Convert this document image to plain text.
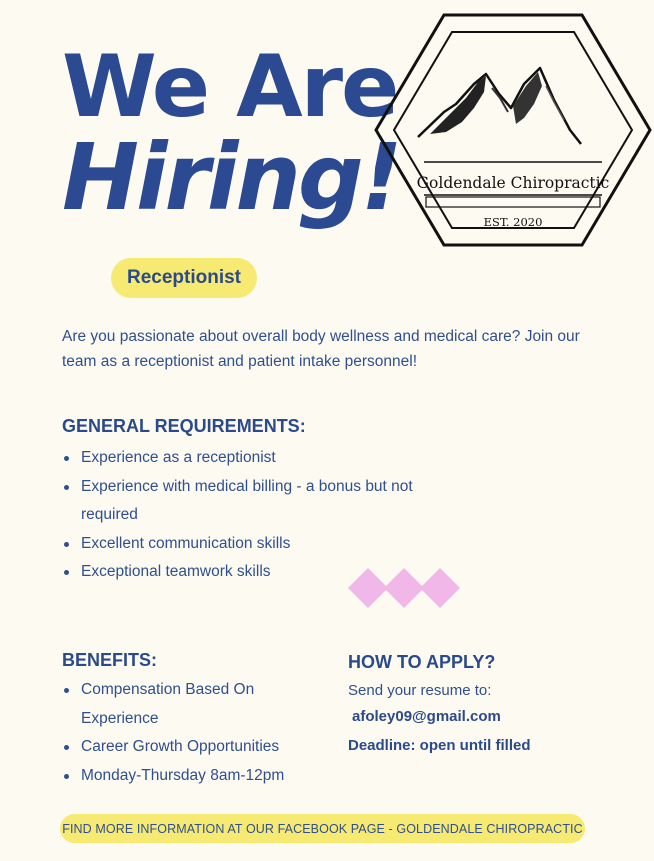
We Are
Hiring! Goldendale Chiropractic
EST. 2020
Receptionist

Are you passionate about overall body wellness and medical care? Join our team as a receptionist and patient intake personnel!

GENERAL REQUIREMENTS:
Experience as a receptionist
Experience with medical billing - a bonus but not required
Excellent communication skills
Exceptional teamwork skills
BENEFITS:
Compensation Based On Experience
Career Growth Opportunities
Monday-Thursday 8am-12pm
HOW TO APPLY?
Send your resume to:
afoley09@gmail.com
Deadline: open until filled
FIND MORE INFORMATION AT OUR FACEBOOK PAGE - GOLDENDALE CHIROPRACTIC
